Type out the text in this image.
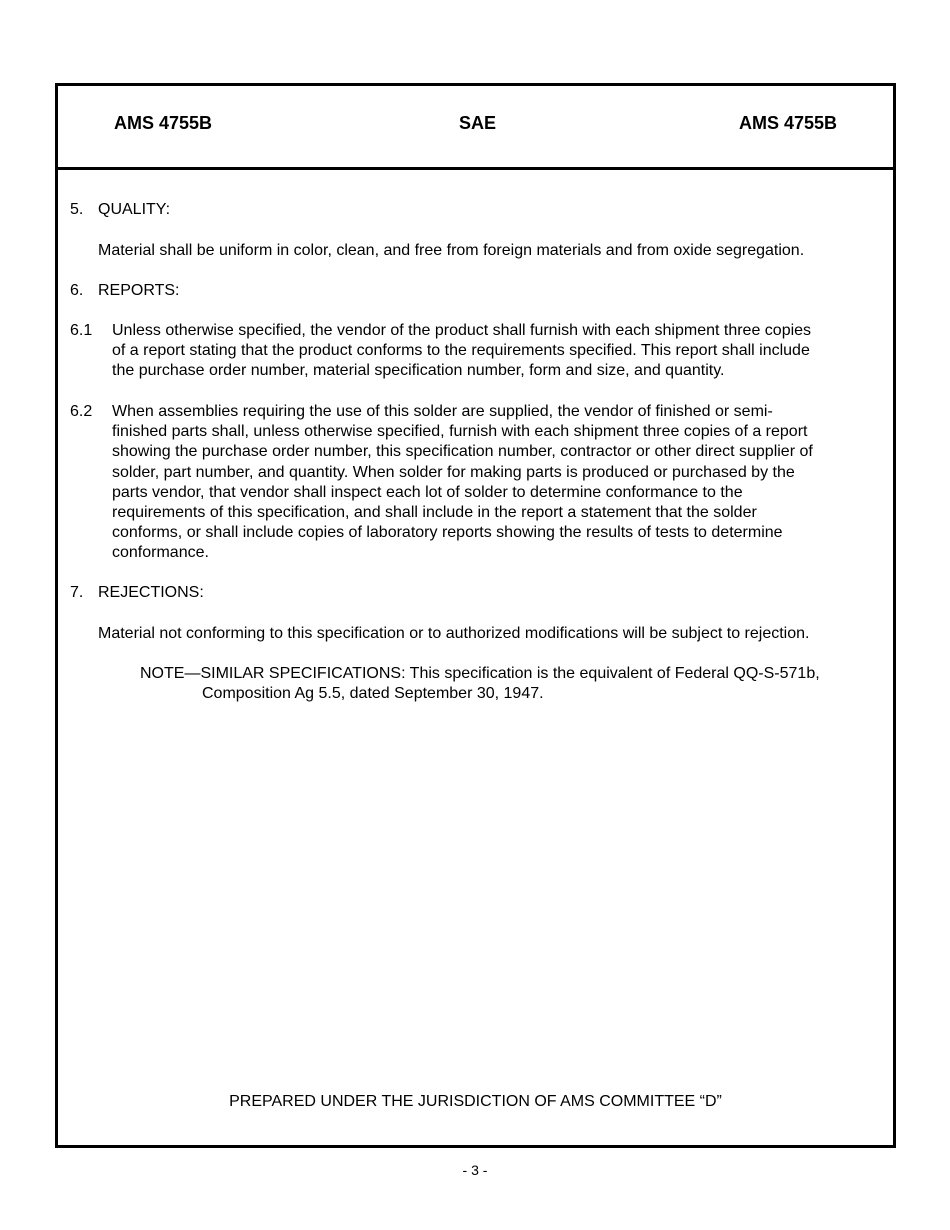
AMS 4755B	SAE	AMS 4755B
5. QUALITY:
Material shall be uniform in color, clean, and free from foreign materials and from oxide segregation.
6. REPORTS:
6.1 Unless otherwise specified, the vendor of the product shall furnish with each shipment three copies
of a report stating that the product conforms to the requirements specified. This report shall include
the purchase order number, material specification number, form and size, and quantity.
6.2 When assemblies requiring the use of this solder are supplied, the vendor of finished or semi-
finished parts shall, unless otherwise specified, furnish with each shipment three copies of a report
showing the purchase order number, this specification number, contractor or other direct supplier of
solder, part number, and quantity. When solder for making parts is produced or purchased by the
parts vendor, that vendor shall inspect each lot of solder to determine conformance to the
requirements of this specification, and shall include in the report a statement that the solder
conforms, or shall include copies of laboratory reports showing the results of tests to determine
conformance.
7. REJECTIONS:
Material not conforming to this specification or to authorized modifications will be subject to rejection.
NOTE—SIMILAR SPECIFICATIONS: This specification is the equivalent of Federal QQ-S-571b,
Composition Ag 5.5, dated September 30, 1947.
PREPARED UNDER THE JURISDICTION OF AMS COMMITTEE “D”
- 3 -
